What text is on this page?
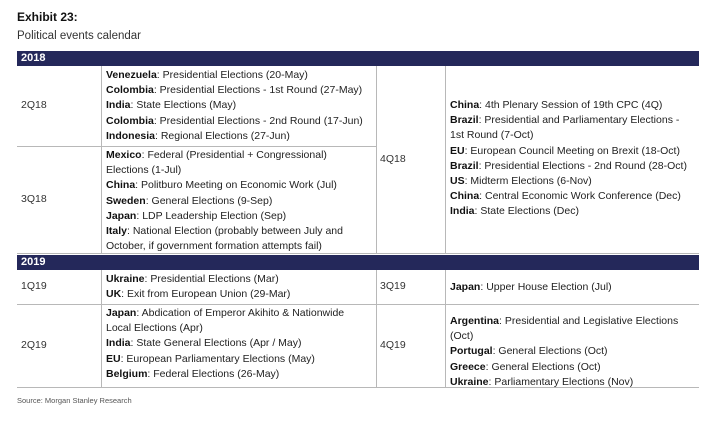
Exhibit 23:
Political events calendar
2018
2Q18
Venezuela: Presidential Elections (20-May)
Colombia: Presidential Elections - 1st Round (27-May)
India: State Elections (May)
Colombia: Presidential Elections - 2nd Round (17-Jun)
Indonesia: Regional Elections (27-Jun)
3Q18
Mexico: Federal (Presidential + Congressional) Elections (1-Jul)
China: Politburo Meeting on Economic Work (Jul)
Sweden: General Elections (9-Sep)
Japan: LDP Leadership Election (Sep)
Italy: National Election (probably between July and October, if government formation attempts fail)
4Q18
China: 4th Plenary Session of 19th CPC (4Q)
Brazil: Presidential and Parliamentary Elections - 1st Round (7-Oct)
EU: European Council Meeting on Brexit (18-Oct)
Brazil: Presidential Elections - 2nd Round (28-Oct)
US: Midterm Elections (6-Nov)
China: Central Economic Work Conference (Dec)
India: State Elections (Dec)
2019
1Q19
Ukraine: Presidential Elections (Mar)
UK: Exit from European Union (29-Mar)
3Q19	Japan: Upper House Election (Jul)
2Q19
Japan: Abdication of Emperor Akihito & Nationwide Local Elections (Apr)
India: State General Elections (Apr / May)
EU: European Parliamentary Elections (May)
Belgium: Federal Elections (26-May)
4Q19
Argentina: Presidential and Legislative Elections (Oct)
Portugal: General Elections (Oct)
Greece: General Elections (Oct)
Ukraine: Parliamentary Elections (Nov)
Source: Morgan Stanley Research
